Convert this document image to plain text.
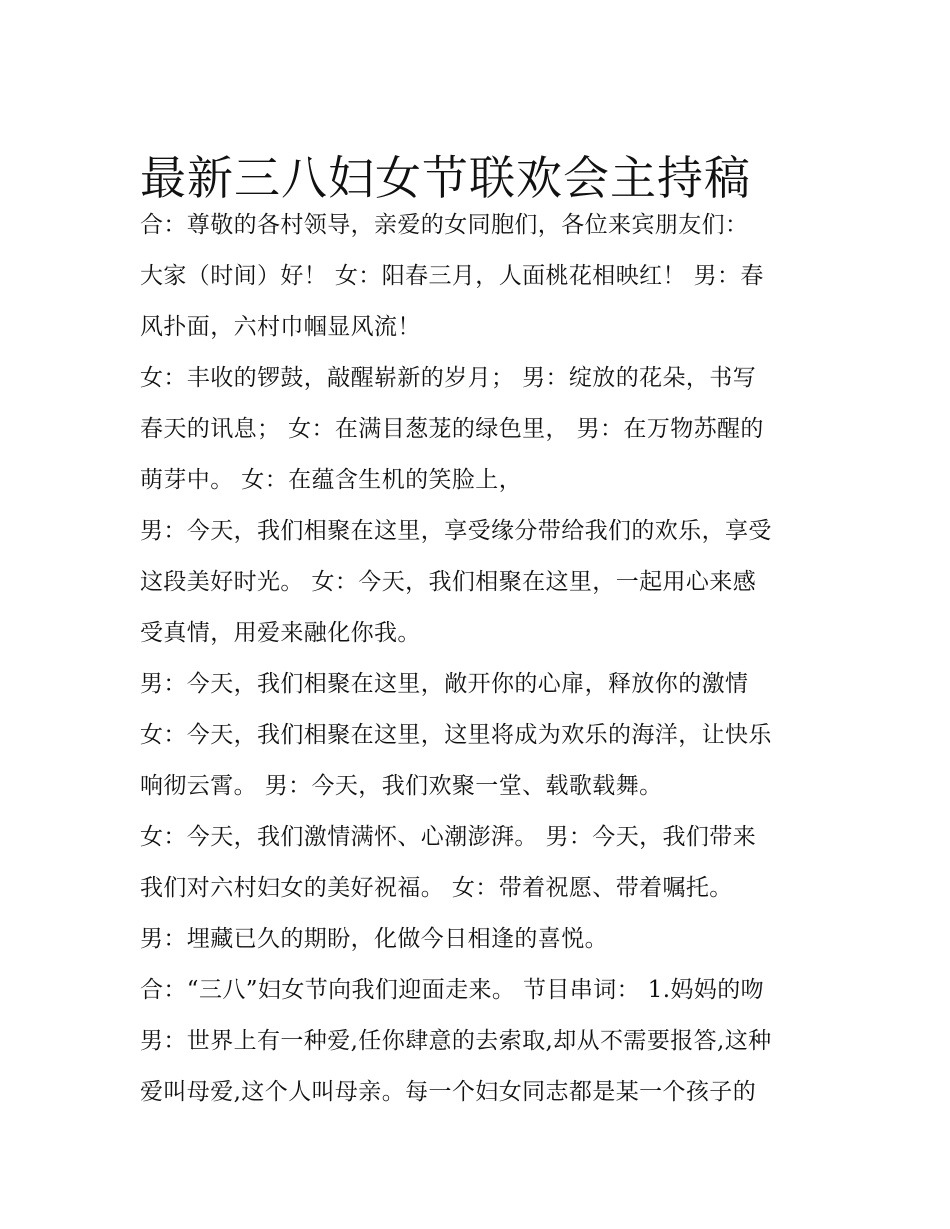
最新三八妇女节联欢会主持稿
合：尊敬的各村领导，亲爱的女同胞们，各位来宾朋友们：
大家（时间）好！ 女：阳春三月，人面桃花相映红！ 男：春
风扑面，六村巾帼显风流！
女：丰收的锣鼓，敲醒崭新的岁月； 男：绽放的花朵，书写
春天的讯息； 女：在满目葱茏的绿色里， 男：在万物苏醒的
萌芽中。 女：在蕴含生机的笑脸上，
男：今天，我们相聚在这里，享受缘分带给我们的欢乐，享受
这段美好时光。 女：今天，我们相聚在这里，一起用心来感
受真情，用爱来融化你我。
男：今天，我们相聚在这里，敞开你的心扉，释放你的激情
女：今天，我们相聚在这里，这里将成为欢乐的海洋，让快乐
响彻云霄。 男：今天，我们欢聚一堂、载歌载舞。
女：今天，我们激情满怀、心潮澎湃。 男：今天，我们带来
我们对六村妇女的美好祝福。 女：带着祝愿、带着嘱托。
男：埋藏已久的期盼，化做今日相逢的喜悦。
合：“三八”妇女节向我们迎面走来。 节目串词： 1.妈妈的吻
男：世界上有一种爱,任你肆意的去索取,却从不需要报答,这种
爱叫母爱,这个人叫母亲。每一个妇女同志都是某一个孩子的
